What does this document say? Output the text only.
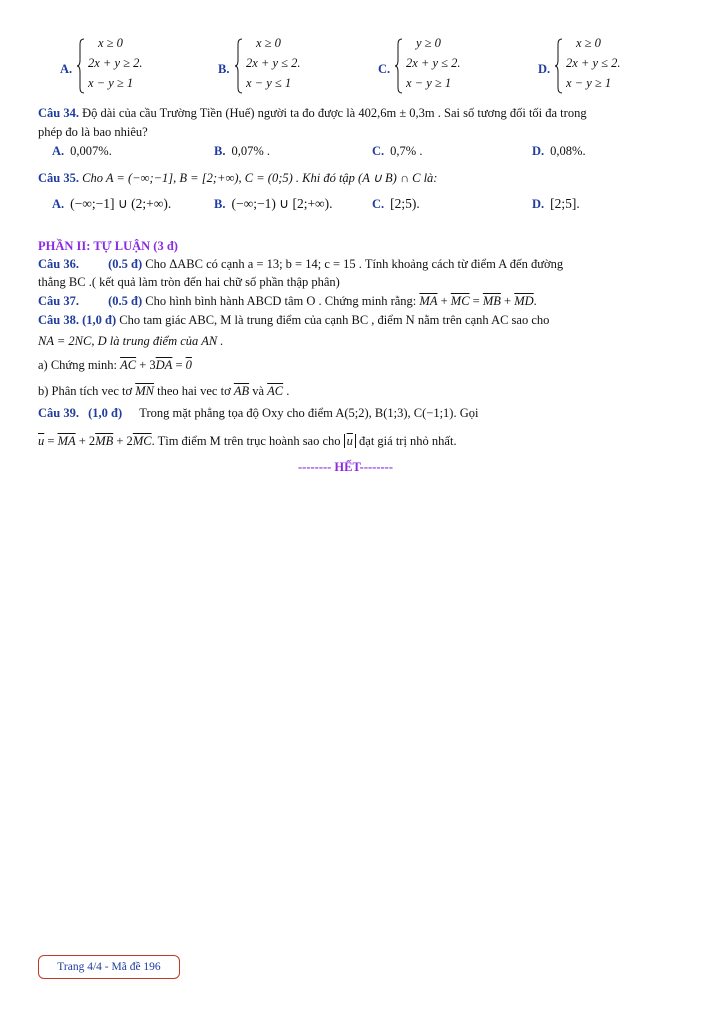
A.
x ≥ 0
2x + y ≥ 2.
x − y ≥ 1
B.
x ≥ 0
2x + y ≤ 2.
x − y ≤ 1
C.
y ≥ 0
2x + y ≤ 2.
x − y ≥ 1
D.
x ≥ 0
2x + y ≤ 2.
x − y ≥ 1
Câu 34. Độ dài của cầu Trường Tiền (Huế) người ta đo được là 402,6m ± 0,3m . Sai số tương đối tối đa trong
phép đo là bao nhiêu?
A. 0,007%.	B. 0,07% .	C. 0,7% .	D. 0,08%.
Câu 35. Cho A = (−∞;−1], B = [2;+∞), C = (0;5) . Khi đó tập (A ∪ B) ∩ C là:
A. (−∞;−1] ∪ (2;+∞).	B. (−∞;−1) ∪ [2;+∞).	C. [2;5).	D. [2;5].
PHẦN II: TỰ LUẬN (3 đ)
Câu 36. (0.5 đ) Cho ΔABC có cạnh a = 13; b = 14; c = 15 . Tính khoảng cách từ điểm A đến đường
thẳng BC .( kết quả làm tròn đến hai chữ số phần thập phân)
Câu 37. (0.5 đ) Cho hình bình hành ABCD tâm O . Chứng minh rằng: $\overline{MA} + \overline{MC} = \overline{MB} + \overline{MD}$.
Câu 38. (1,0 đ) Cho tam giác ABC, M là trung điểm của cạnh BC , điểm N nằm trên cạnh AC sao cho
NA = 2NC, D là trung điểm của AN .
a) Chứng minh: $\overline{AC} + 3\overline{DA} = 0$
b) Phân tích vec tơ $\overline{MN}$ theo hai vec tơ $\overline{AB}$ và $\overline{AC}$ .
Câu 39. (1,0 đ) Trong mặt phẳng tọa độ Oxy cho điểm A(5;2), B(1;3), C(−1;1). Gọi
$\overline{u} = \overline{MA} + 2\overline{MB} + 2\overline{MC}$. Tìm điểm M trên trục hoành sao cho $\overline{u}$ đạt giá trị nhỏ nhất.
-------- HẾT--------
Trang 4/4 - Mã đề 196
